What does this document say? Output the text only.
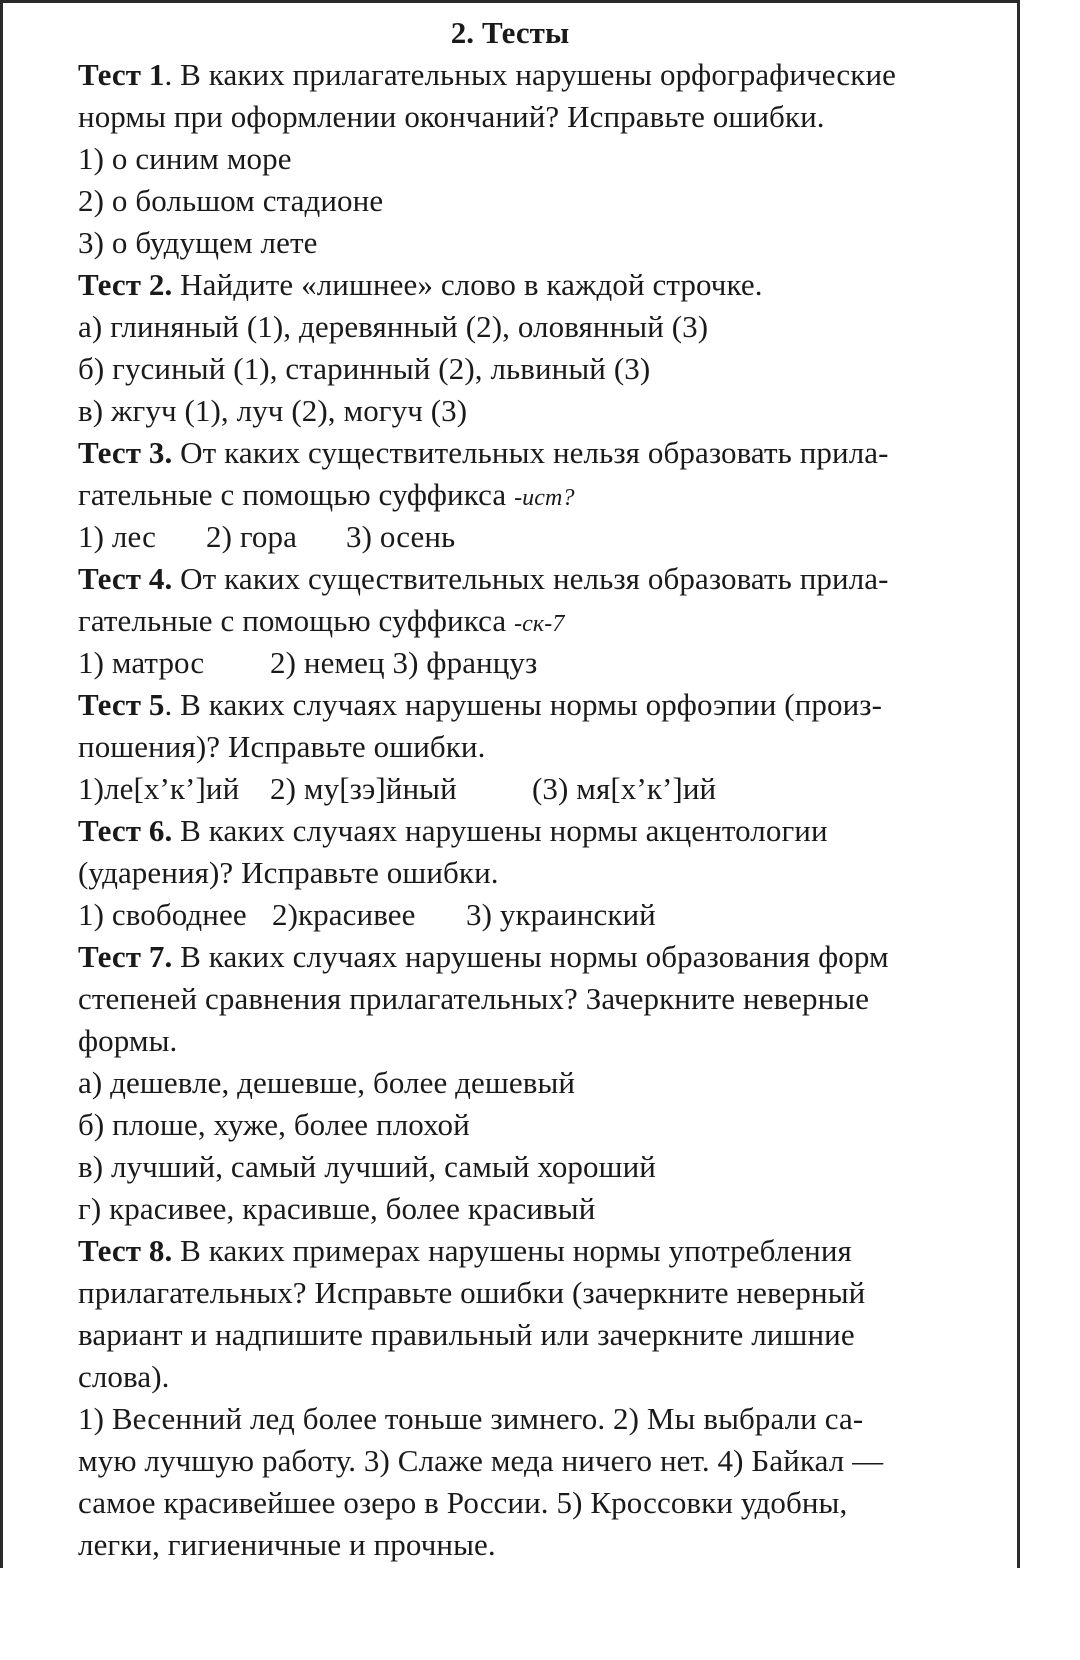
2. Тесты
Тест 1. В каких прилагательных нарушены орфографические
нормы при оформлении окончаний? Исправьте ошибки.
1) о синим море
2) о большом стадионе
3) о будущем лете
Тест 2. Найдите «лишнее» слово в каждой строчке.
а) глиняный (1), деревянный (2), оловянный (3)
б) гусиный (1), старинный (2), львиный (3)
в) жгуч (1), луч (2), могуч (3)
Тест 3. От каких существительных нельзя образовать прила-
гательные с помощью суффикса -ист?
1) лес 2) гора 3) осень
Тест 4. От каких существительных нельзя образовать прила-
гательные с помощью суффикса -ск-7
1) матрос 2) немец 3) француз
Тест 5. В каких случаях нарушены нормы орфоэпии (произ-
пошения)? Исправьте ошибки.
1)ле[х’к’]ий 2) му[зэ]йный (3) мя[х’к’]ий
Тест 6. В каких случаях нарушены нормы акцентологии
(ударения)? Исправьте ошибки.
1) свободнее 2)красивее 3) украинский
Тест 7. В каких случаях нарушены нормы образования форм
степеней сравнения прилагательных? Зачеркните неверные
формы.
а) дешевле, дешевше, более дешевый
б) плоше, хуже, более плохой
в) лучший, самый лучший, самый хороший
г) красивее, красивше, более красивый
Тест 8. В каких примерах нарушены нормы употребления
прилагательных? Исправьте ошибки (зачеркните неверный
вариант и надпишите правильный или зачеркните лишние
слова).
1) Весенний лед более тоньше зимнего. 2) Мы выбрали са-
мую лучшую работу. 3) Слаже меда ничего нет. 4) Байкал —
самое красивейшее озеро в России. 5) Кроссовки удобны,
легки, гигиеничные и прочные.
